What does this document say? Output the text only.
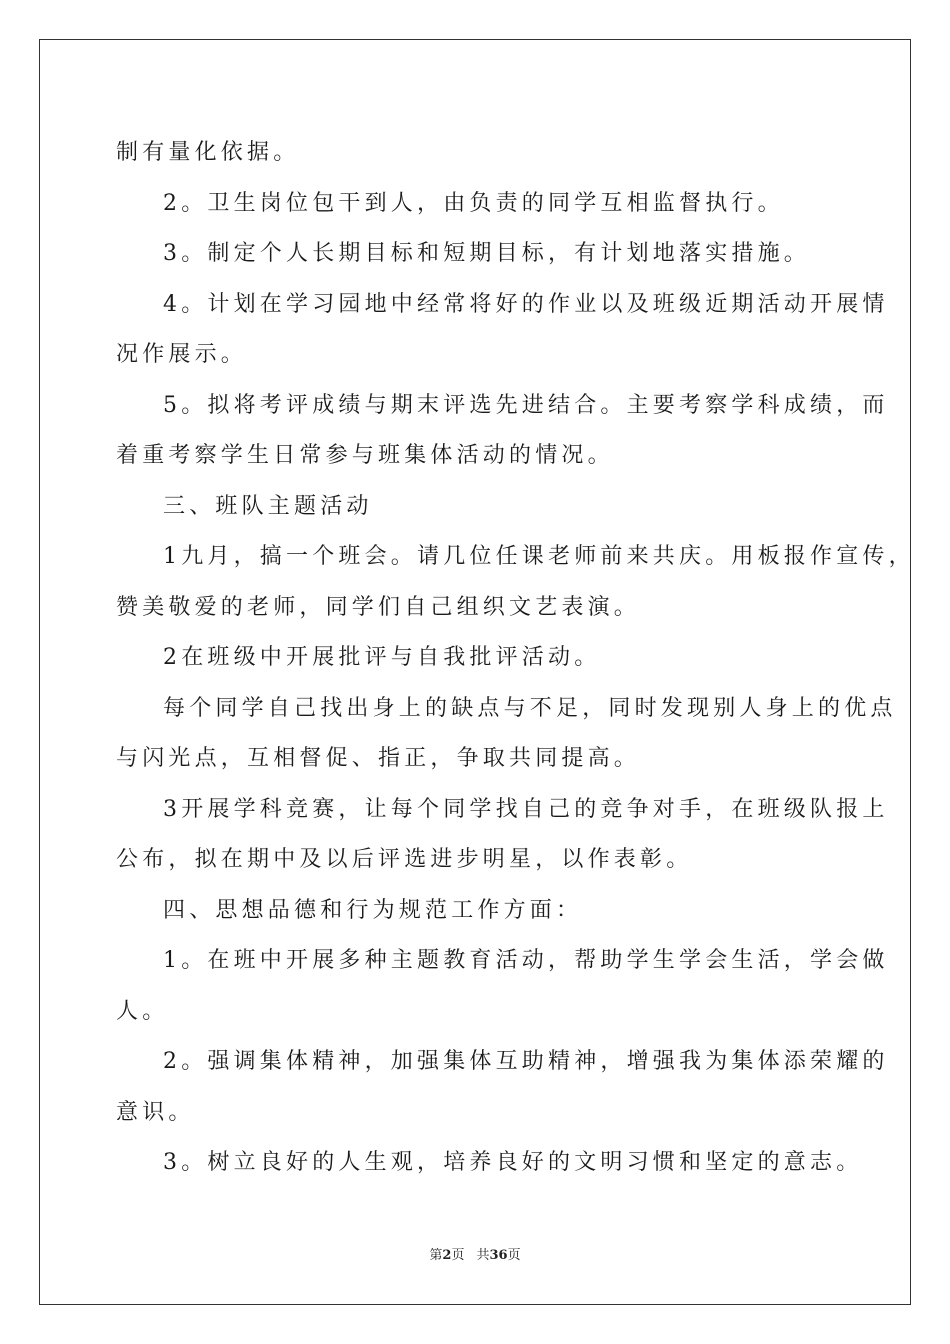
制有量化依据。
2。卫生岗位包干到人，由负责的同学互相监督执行。
3。制定个人长期目标和短期目标，有计划地落实措施。
4。计划在学习园地中经常将好的作业以及班级近期活动开展情
况作展示。
5。拟将考评成绩与期末评选先进结合。主要考察学科成绩，而
着重考察学生日常参与班集体活动的情况。
三、班队主题活动
1九月，搞一个班会。请几位任课老师前来共庆。用板报作宣传，
赞美敬爱的老师，同学们自己组织文艺表演。
2在班级中开展批评与自我批评活动。
每个同学自己找出身上的缺点与不足，同时发现别人身上的优点
与闪光点，互相督促、指正，争取共同提高。
3开展学科竞赛，让每个同学找自己的竞争对手，在班级队报上
公布，拟在期中及以后评选进步明星，以作表彰。
四、思想品德和行为规范工作方面：
1。在班中开展多种主题教育活动，帮助学生学会生活，学会做
人。
2。强调集体精神，加强集体互助精神，增强我为集体添荣耀的
意识。
3。树立良好的人生观，培养良好的文明习惯和坚定的意志。
第2页 共36页
